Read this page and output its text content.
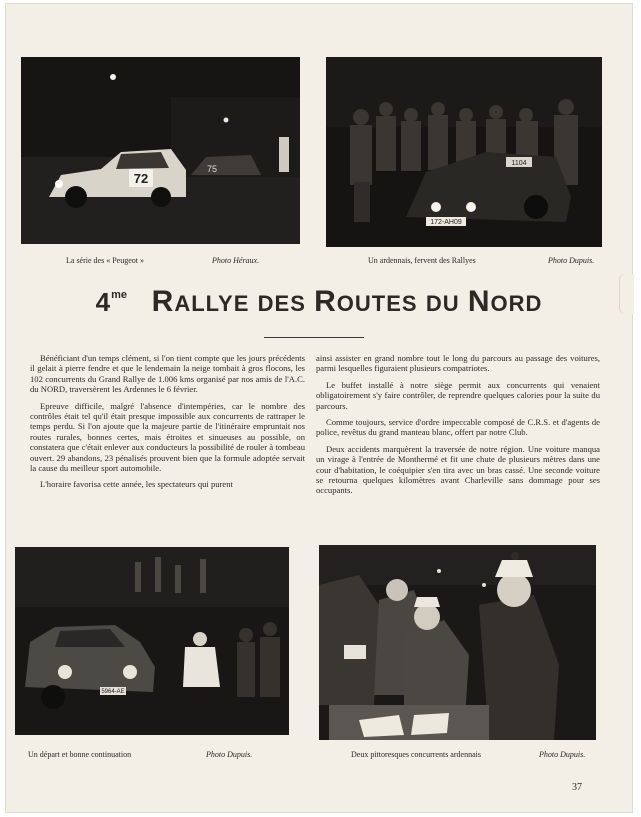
72
75
La série des « Peugeot »	Photo Héraux.
172-AH09
1104
Un ardennais, fervent des Rallyes	Photo Dupuis.
$4^{me}$ RALLYE DES ROUTES DU NORD

Bénéficiant d'un temps clément, si l'on tient compte que les jours précédents il gelait à pierre fendre et que le lendemain la neige tombait à gros flocons, les 102 concurrents du Grand Rallye de 1.006 kms organisé par nos amis de l'A.C. du NORD, traversèrent les Ardennes le 6 février.

Epreuve difficile, malgré l'absence d'intempéries, car le nombre des contrôles était tel qu'il était presque impossible aux concurrents de rattraper le temps perdu. Si l'on ajoute que la majeure partie de l'itinéraire empruntait nos routes rurales, bonnes certes, mais étroites et sinueuses au possible, on constatera que c'était enlever aux conducteurs la possibilité de rouler à tombeau ouvert. 29 abandons, 23 pénalisés prouvent bien que la formule adoptée servait la cause du meilleur sport automobile.

L'horaire favorisa cette année, les spectateurs qui purent

ainsi assister en grand nombre tout le long du parcours au passage des voitures, parmi lesquelles figuraient plusieurs compatriotes.

Le buffet installé à notre siège permit aux concurrents qui venaient obligatoirement s'y faire contrôler, de reprendre quelques calories pour la suite du parcours.

Comme toujours, service d'ordre impeccable composé de C.R.S. et d'agents de police, revêtus du grand manteau blanc, offert par notre Club.

Deux accidents marquèrent la traversée de notre région. Une voiture manqua un virage à l'entrée de Monthermé et fit une chute de plusieurs mètres dans une cour d'habitation, le coéquipier s'en tira avec un bras cassé. Une seconde voiture se retourna quelques kilomètres avant Charleville sans dommage pour ses occupants.

5964-AE
Un départ et bonne continuation	Photo Dupuis.	Deux pittoresques concurrents ardennais	Photo Dupuis.
37
